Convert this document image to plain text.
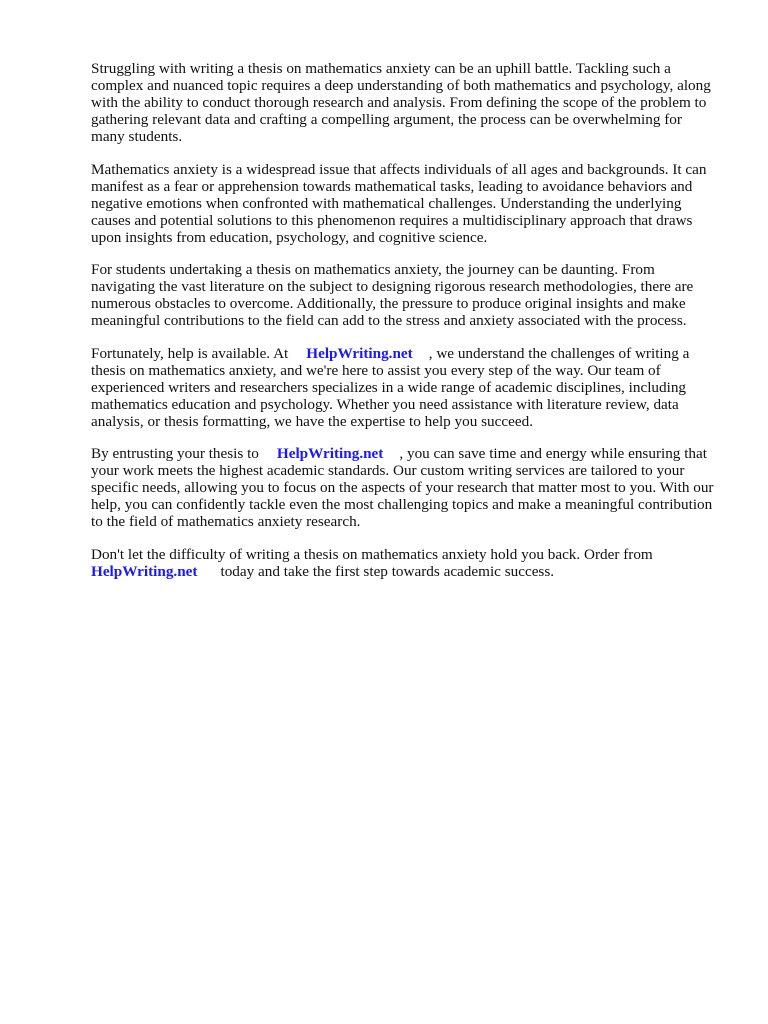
Struggling with writing a thesis on mathematics anxiety can be an uphill battle. Tackling such a complex and nuanced topic requires a deep understanding of both mathematics and psychology, along with the ability to conduct thorough research and analysis. From defining the scope of the problem to gathering relevant data and crafting a compelling argument, the process can be overwhelming for many students.

Mathematics anxiety is a widespread issue that affects individuals of all ages and backgrounds. It can manifest as a fear or apprehension towards mathematical tasks, leading to avoidance behaviors and negative emotions when confronted with mathematical challenges. Understanding the underlying causes and potential solutions to this phenomenon requires a multidisciplinary approach that draws upon insights from education, psychology, and cognitive science.

For students undertaking a thesis on mathematics anxiety, the journey can be daunting. From navigating the vast literature on the subject to designing rigorous research methodologies, there are numerous obstacles to overcome. Additionally, the pressure to produce original insights and make meaningful contributions to the field can add to the stress and anxiety associated with the process.

Fortunately, help is available. At HelpWriting.net , we understand the challenges of writing a thesis on mathematics anxiety, and we're here to assist you every step of the way. Our team of experienced writers and researchers specializes in a wide range of academic disciplines, including mathematics education and psychology. Whether you need assistance with literature review, data analysis, or thesis formatting, we have the expertise to help you succeed.

By entrusting your thesis to HelpWriting.net , you can save time and energy while ensuring that your work meets the highest academic standards. Our custom writing services are tailored to your specific needs, allowing you to focus on the aspects of your research that matter most to you. With our help, you can confidently tackle even the most challenging topics and make a meaningful contribution to the field of mathematics anxiety research.

Don't let the difficulty of writing a thesis on mathematics anxiety hold you back. Order from HelpWriting.net today and take the first step towards academic success.
